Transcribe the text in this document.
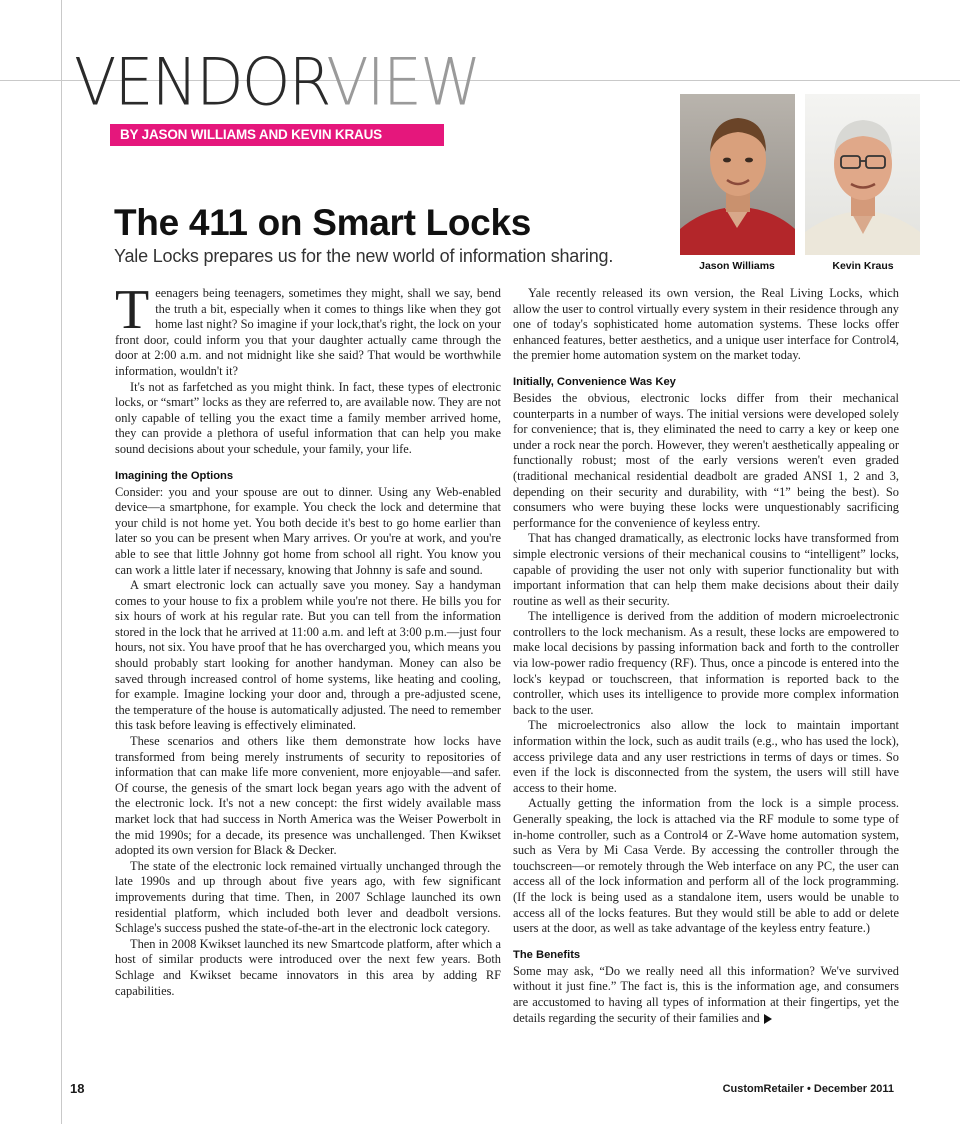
VENDORVIEW
BY JASON WILLIAMS AND KEVIN KRAUS
The 411 on Smart Locks

Yale Locks prepares us for the new world of information sharing.	Jason Williams	Kevin Kraus

Teenagers being teenagers, sometimes they might, shall we say, bend the truth a bit, especially when it comes to things like when they got home last night? So imagine if your lock,that's right, the lock on your front door, could inform you that your daughter actually came through the door at 2:00 a.m. and not midnight like she said? That would be worthwhile information, wouldn't it?

It's not as farfetched as you might think. In fact, these types of electronic locks, or “smart” locks as they are referred to, are available now. They are not only capable of telling you the exact time a family member arrived home, they can provide a plethora of useful information that can help you make sound decisions about your schedule, your family, your life.

Imagining the Options

Consider: you and your spouse are out to dinner. Using any Web-enabled device—a smartphone, for example. You check the lock and determine that your child is not home yet. You both decide it's best to go home earlier than later so you can be present when Mary arrives. Or you're at work, and you're able to see that little Johnny got home from school all right. You know you can work a little later if necessary, knowing that Johnny is safe and sound.

A smart electronic lock can actually save you money. Say a handyman comes to your house to fix a problem while you're not there. He bills you for six hours of work at his regular rate. But you can tell from the information stored in the lock that he arrived at 11:00 a.m. and left at 3:00 p.m.—just four hours, not six. You have proof that he has overcharged you, which means you should probably start looking for another handyman. Money can also be saved through increased control of home systems, like heating and cooling, for example. Imagine locking your door and, through a pre-adjusted scene, the temperature of the house is automatically adjusted. The need to remember this task before leaving is effectively eliminated.

These scenarios and others like them demonstrate how locks have transformed from being merely instruments of security to repositories of information that can make life more convenient, more enjoyable—and safer. Of course, the genesis of the smart lock began years ago with the advent of the electronic lock. It's not a new concept: the first widely available mass market lock that had success in North America was the Weiser Powerbolt in the mid 1990s; for a decade, its presence was unchallenged. Then Kwikset adopted its own version for Black & Decker.

The state of the electronic lock remained virtually unchanged through the late 1990s and up through about five years ago, with few significant improvements during that time. Then, in 2007 Schlage launched its own residential platform, which included both lever and deadbolt versions. Schlage's success pushed the state-of-the-art in the electronic lock category.

Then in 2008 Kwikset launched its new Smartcode platform, after which a host of similar products were introduced over the next few years. Both Schlage and Kwikset became innovators in this area by adding RF capabilities.

Yale recently released its own version, the Real Living Locks, which allow the user to control virtually every system in their residence through any one of today's sophisticated home automation systems. These locks offer enhanced features, better aesthetics, and a unique user interface for Control4, the premier home automation system on the market today.

Initially, Convenience Was Key

Besides the obvious, electronic locks differ from their mechanical counterparts in a number of ways. The initial versions were developed solely for convenience; that is, they eliminated the need to carry a key or keep one under a rock near the porch. However, they weren't aesthetically appealing or functionally robust; most of the early versions weren't even graded (traditional mechanical residential deadbolt are graded ANSI 1, 2 and 3, depending on their security and durability, with “1” being the best). So consumers who were buying these locks were unquestionably sacrificing performance for the convenience of keyless entry.

That has changed dramatically, as electronic locks have transformed from simple electronic versions of their mechanical cousins to “intelligent” locks, capable of providing the user not only with superior functionality but with important information that can help them make decisions about their daily routine as well as their security.

The intelligence is derived from the addition of modern microelectronic controllers to the lock mechanism. As a result, these locks are empowered to make local decisions by passing information back and forth to the controller via low-power radio frequency (RF). Thus, once a pincode is entered into the lock's keypad or touchscreen, that information is reported back to the controller, which uses its intelligence to provide more complex information back to the user.

The microelectronics also allow the lock to maintain important information within the lock, such as audit trails (e.g., who has used the lock), access privilege data and any user restrictions in terms of days or times. So even if the lock is disconnected from the system, the users will still have access to their home.

Actually getting the information from the lock is a simple process. Generally speaking, the lock is attached via the RF module to some type of in-home controller, such as a Control4 or Z-Wave home automation system, such as Vera by Mi Casa Verde. By accessing the controller through the touchscreen—or remotely through the Web interface on any PC, the user can access all of the lock information and perform all of the lock programming. (If the lock is being used as a standalone item, users would be unable to access all of the locks features. But they would still be able to add or delete users at the door, as well as take advantage of the keyless entry feature.)

The Benefits

Some may ask, “Do we really need all this information? We've survived without it just fine.” The fact is, this is the information age, and consumers are accustomed to having all types of information at their fingertips, yet the details regarding the security of their families and

18	CustomRetailer • December 2011
